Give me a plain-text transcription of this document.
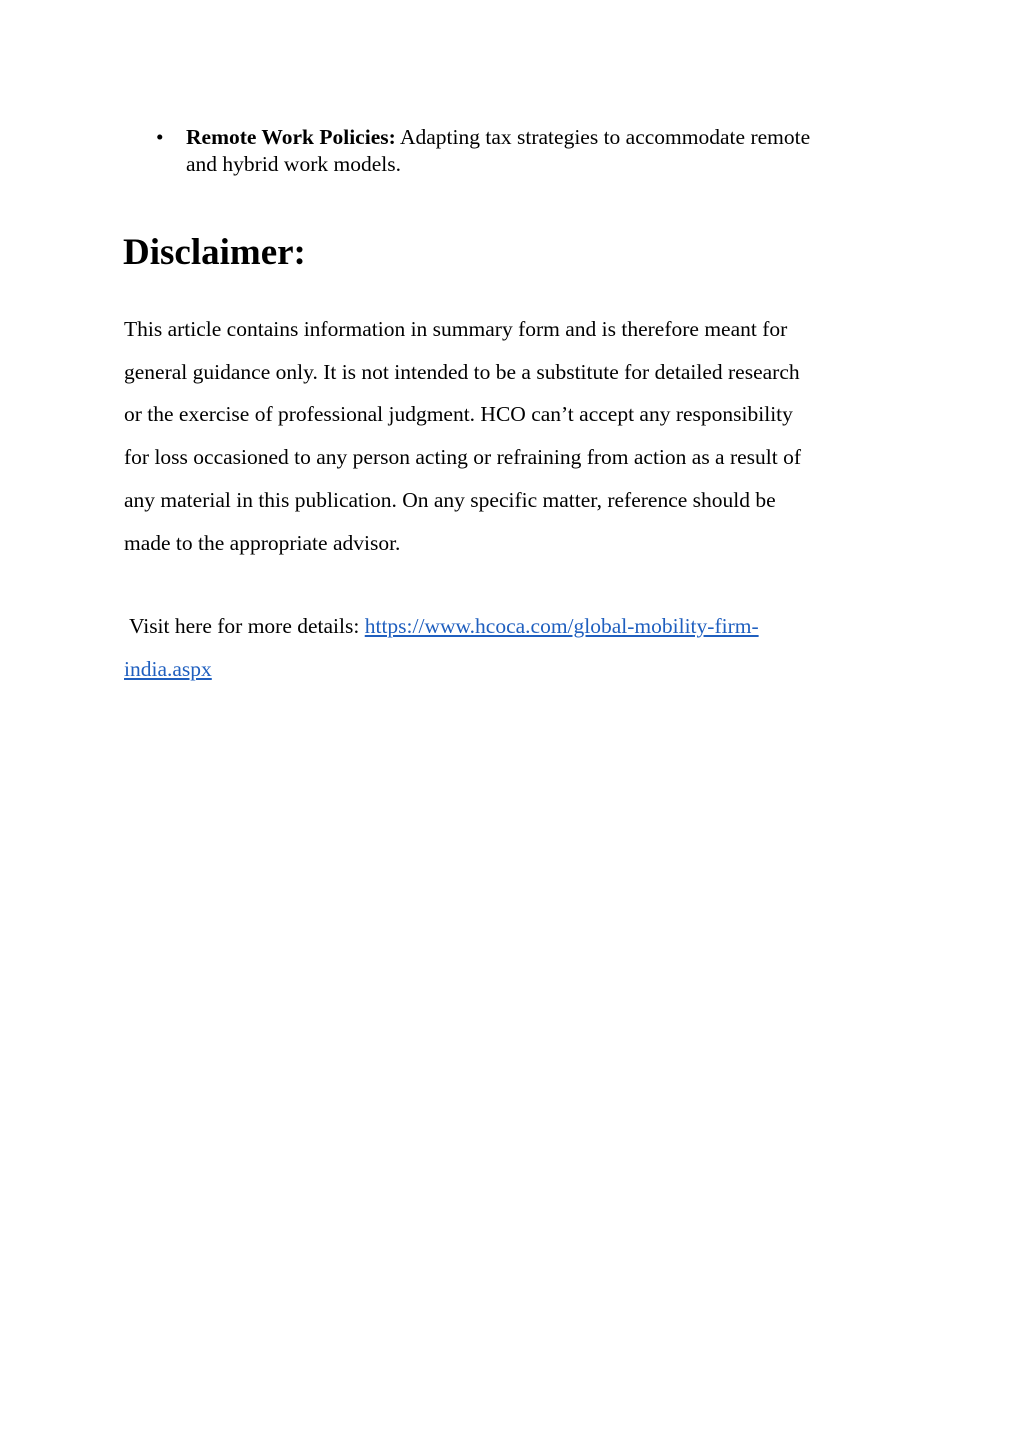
• Remote Work Policies: Adapting tax strategies to accommodate remote
and hybrid work models.
Disclaimer:

This article contains information in summary form and is therefore meant for
general guidance only. It is not intended to be a substitute for detailed research
or the exercise of professional judgment. HCO can’t accept any responsibility
for loss occasioned to any person acting or refraining from action as a result of
any material in this publication. On any specific matter, reference should be
made to the appropriate advisor.

Visit here for more details: https://www.hcoca.com/global-mobility-firm-
india.aspx
